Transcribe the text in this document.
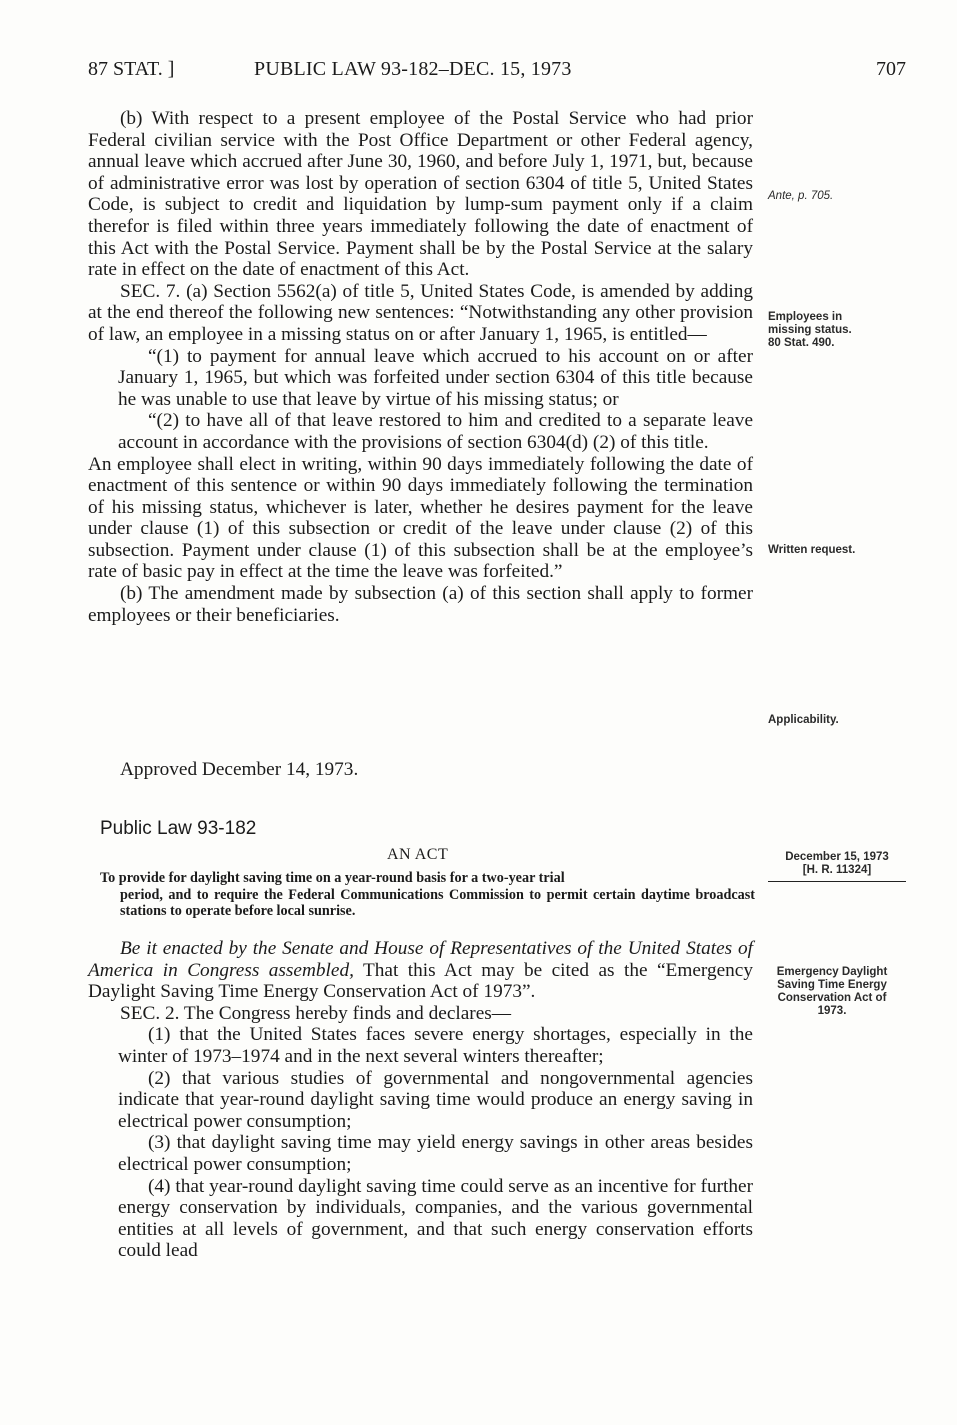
87 STAT. ]	PUBLIC LAW 93-182–DEC. 15, 1973	707

(b) With respect to a present employee of the Postal Service who had prior Federal civilian service with the Post Office Department or other Federal agency, annual leave which accrued after June 30, 1960, and before July 1, 1971, but, because of administrative error was lost by operation of section 6304 of title 5, United States Code, is subject to credit and liquidation by lump-sum payment only if a claim therefor is filed within three years immediately following the date of enactment of this Act with the Postal Service. Payment shall be by the Postal Service at the salary rate in effect on the date of enactment of this Act.

SEC. 7. (a) Section 5562(a) of title 5, United States Code, is amended by adding at the end thereof the following new sentences: “Notwithstanding any other provision of law, an employee in a missing status on or after January 1, 1965, is entitled—

“(1) to payment for annual leave which accrued to his account on or after January 1, 1965, but which was forfeited under section 6304 of this title because he was unable to use that leave by virtue of his missing status; or

“(2) to have all of that leave restored to him and credited to a separate leave account in accordance with the provisions of section 6304(d) (2) of this title.

An employee shall elect in writing, within 90 days immediately following the date of enactment of this sentence or within 90 days immediately following the termination of his missing status, whichever is later, whether he desires payment for the leave under clause (1) of this subsection or credit of the leave under clause (2) of this subsection. Payment under clause (1) of this subsection shall be at the employee’s rate of basic pay in effect at the time the leave was forfeited.”

(b) The amendment made by subsection (a) of this section shall apply to former employees or their beneficiaries.

Approved December 14, 1973.
Public Law 93-182
AN ACT
To provide for daylight saving time on a year-round basis for a two-year trial
period, and to require the Federal Communications Commission to permit certain daytime broadcast stations to operate before local sunrise.

Be it enacted by the Senate and House of Representatives of the United States of America in Congress assembled, That this Act may be cited as the “Emergency Daylight Saving Time Energy Conservation Act of 1973”.

SEC. 2. The Congress hereby finds and declares—

(1) that the United States faces severe energy shortages, especially in the winter of 1973–1974 and in the next several winters thereafter;

(2) that various studies of governmental and nongovernmental agencies indicate that year-round daylight saving time would produce an energy saving in electrical power consumption;

(3) that daylight saving time may yield energy savings in other areas besides electrical power consumption;

(4) that year-round daylight saving time could serve as an incentive for further energy conservation by individuals, companies, and the various governmental entities at all levels of government, and that such energy conservation efforts could lead

Ante, p. 705.
Employees in missing status.
80 Stat. 490.
Written request.
Applicability.
December 15, 1973
[H. R. 11324]
Emergency Daylight Saving Time Energy Conservation Act of 1973.
